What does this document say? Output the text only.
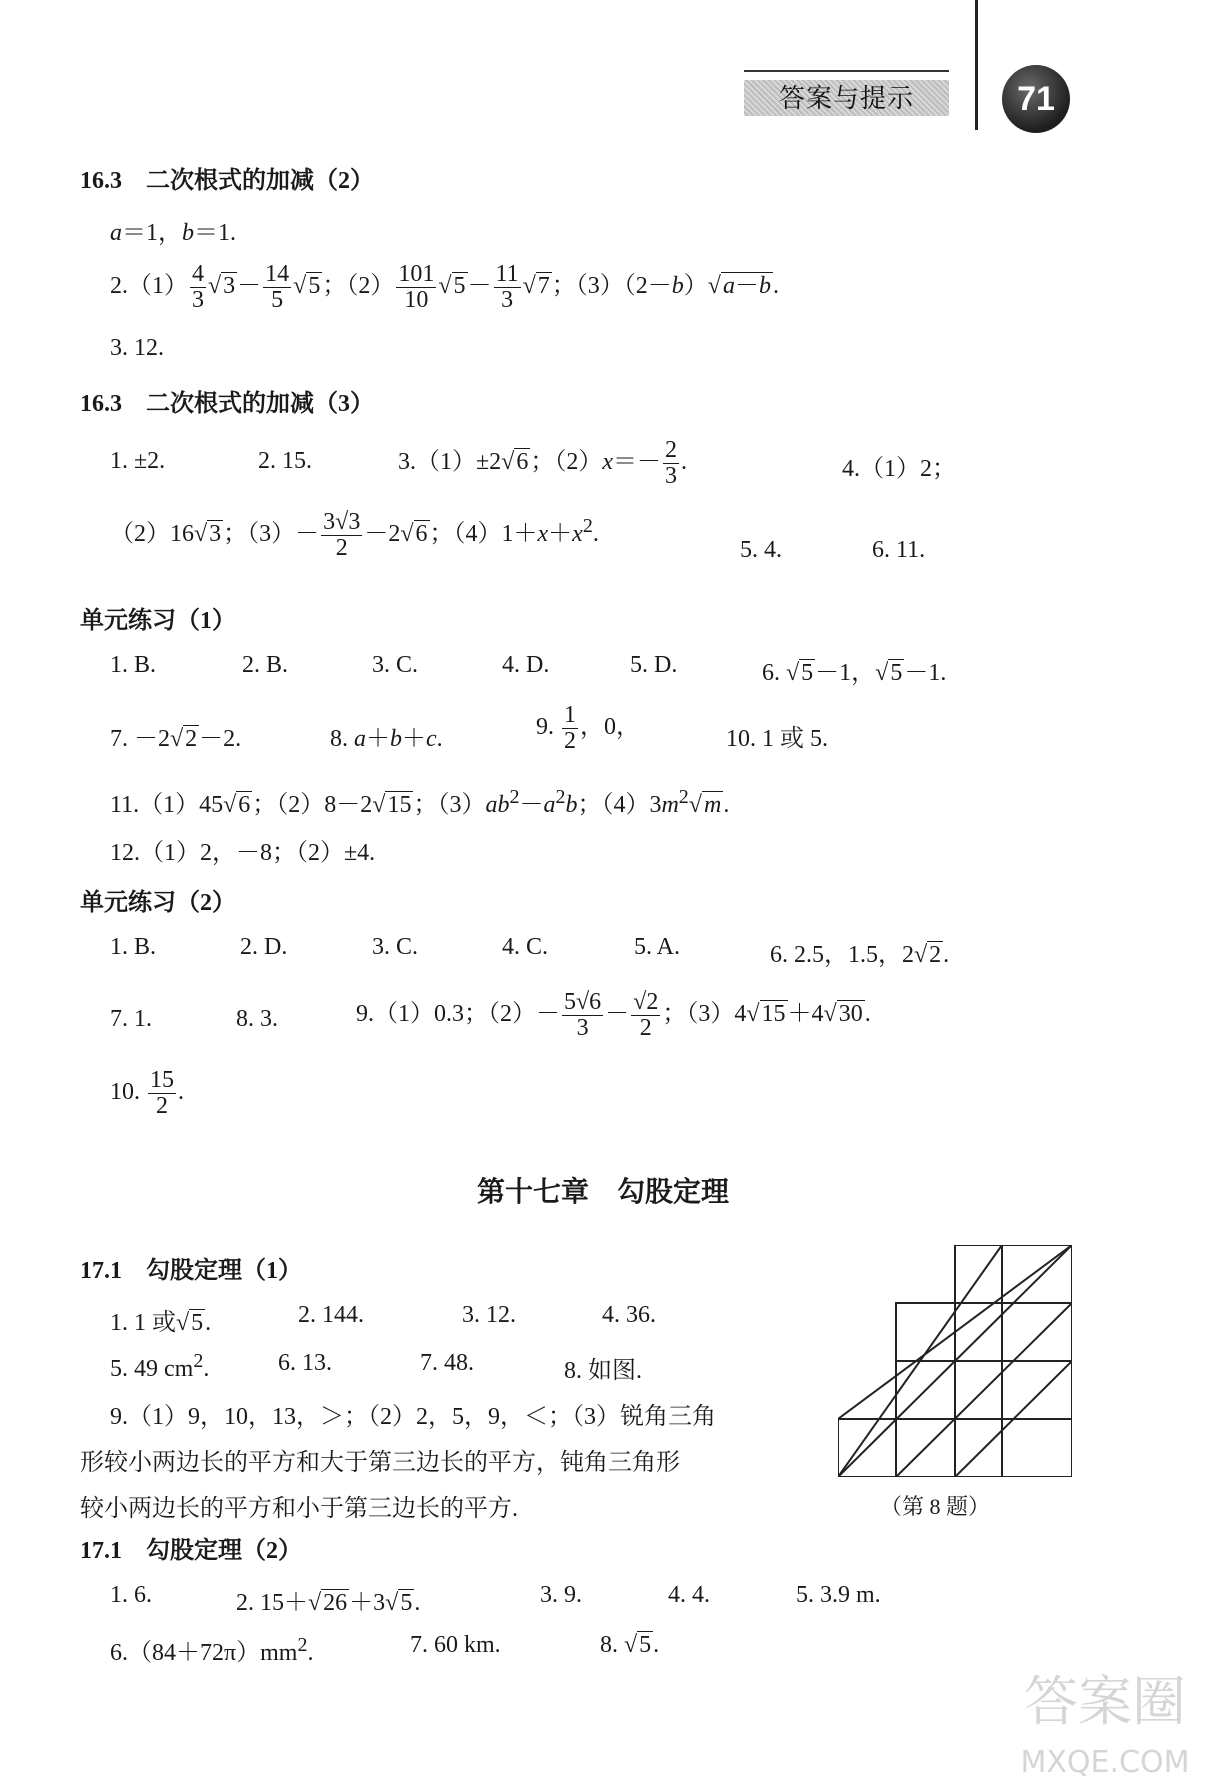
答案与提示	71
16.3　二次根式的加减（2）
a＝1，b＝1.
$2.(1) \frac{4}{3} √3- \frac{14}{5} √5$；$(2) \frac{101}{10} √5- \frac{11}{3} √7$；（3）（2－b）√a－b.
3. 12.
16.3　二次根式的加减（3）
1. ±2.	2. 15.	3.（1）±2√6；$(2)x=- \frac{2}{3}$ .	4.（1）2；
（2）16√3；$(3)- \frac{3√3}{2} -2√6$；$(4)1+x+x^2$.
5. 4.	6. 11.
单元练习（1）
1. B.	2. B.	3. C.	4. D.	5. D.	6. √5－1，√5－1.
7. －2√2－2.	8. a＋b＋c.	9. $\frac{1}{2}$ ，0，	10. 1 或 5.
11.（1）45√6；（2）8－2√15；$(3)ab^2-a^2b$；$(4)3m^2√m$.
12.（1）2，－8；（2）±4.
单元练习（2）
1. B.	2. D.	3. C.	4. C.	5. A.	6. 2.5，1.5，2√2.
7. 1.	8. 3.	9.（1）0.3；$(2)- \frac{5√6}{3} - \frac{√2}{2}$ ；（3）4√15＋4√30.
10. $\frac{15}{2}$ .
第十七章　勾股定理
17.1　勾股定理（1）
1. 1 或√5.	2. 144.	3. 12.	4. 36.
5. 49 $cm^2$.	6. 13.	7. 48.	8. 如图.
9.（1）9，10，13，＞；（2）2，5，9，＜；（3）锐角三角
形较小两边长的平方和大于第三边长的平方，钝角三角形
较小两边长的平方和小于第三边长的平方.	（第 8 题）
17.1　勾股定理（2）
1. 6.	2. 15＋√26＋3√5.	3. 9.	4. 4.	5. 3.9 m.
$6.(84+72\pi)mm^2$.	7. 60 km.	8. √5.
答案圈
MXQE.COM
